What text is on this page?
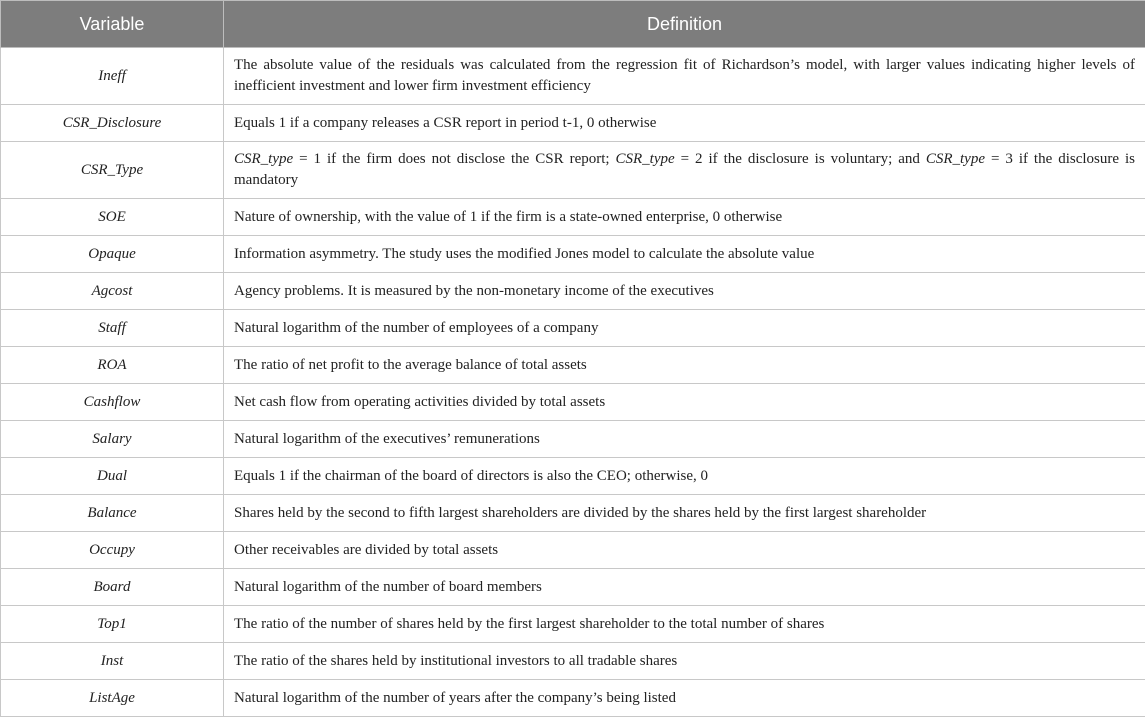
Variable	Definition
Ineff	The absolute value of the residuals was calculated from the regression fit of Richardson’s model, with larger values indicating higher levels of inefficient investment and lower firm investment efficiency
CSR_Disclosure	Equals 1 if a company releases a CSR report in period t-1, 0 otherwise
CSR_Type	CSR_type = 1 if the firm does not disclose the CSR report; CSR_type = 2 if the disclosure is voluntary; and CSR_type = 3 if the disclosure is mandatory
SOE	Nature of ownership, with the value of 1 if the firm is a state-owned enterprise, 0 otherwise
Opaque	Information asymmetry. The study uses the modified Jones model to calculate the absolute value
Agcost	Agency problems. It is measured by the non-monetary income of the executives
Staff	Natural logarithm of the number of employees of a company
ROA	The ratio of net profit to the average balance of total assets
Cashflow	Net cash flow from operating activities divided by total assets
Salary	Natural logarithm of the executives’ remunerations
Dual	Equals 1 if the chairman of the board of directors is also the CEO; otherwise, 0
Balance	Shares held by the second to fifth largest shareholders are divided by the shares held by the first largest shareholder
Occupy	Other receivables are divided by total assets
Board	Natural logarithm of the number of board members
Top1	The ratio of the number of shares held by the first largest shareholder to the total number of shares
Inst	The ratio of the shares held by institutional investors to all tradable shares
ListAge	Natural logarithm of the number of years after the company’s being listed
